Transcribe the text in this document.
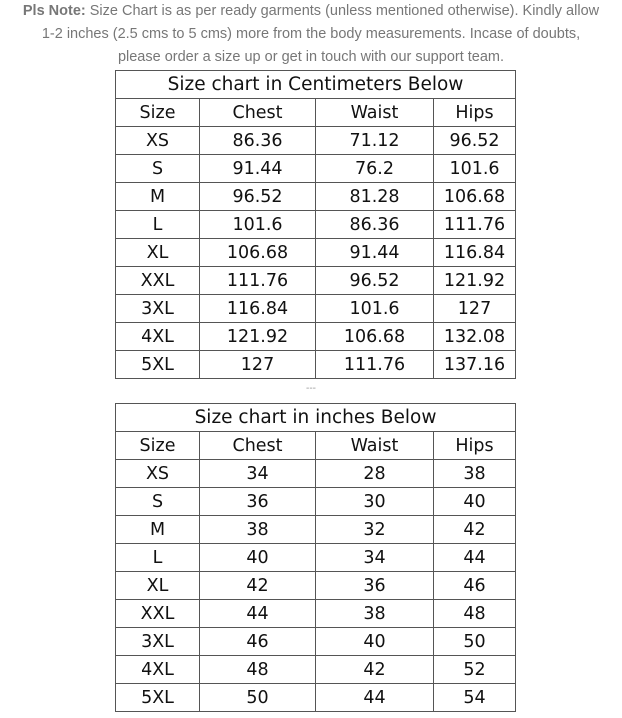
Pls Note: Size Chart is as per ready garments (unless mentioned otherwise). Kindly allow
1-2 inches (2.5 cms to 5 cms) more from the body measurements. Incase of doubts,
please order a size up or get in touch with our support team.
Size chart in Centimeters Below			
Size	Chest	Waist	Hips
XS	86.36	71.12	96.52
S	91.44	76.2	101.6
M	96.52	81.28	106.68
L	101.6	86.36	111.76
XL	106.68	91.44	116.84
XXL	111.76	96.52	121.92
3XL	116.84	101.6	127
4XL	121.92	106.68	132.08
5XL	127	111.76	137.16
---
Size chart in inches Below			
Size	Chest	Waist	Hips
XS	34	28	38
S	36	30	40
M	38	32	42
L	40	34	44
XL	42	36	46
XXL	44	38	48
3XL	46	40	50
4XL	48	42	52
5XL	50	44	54
